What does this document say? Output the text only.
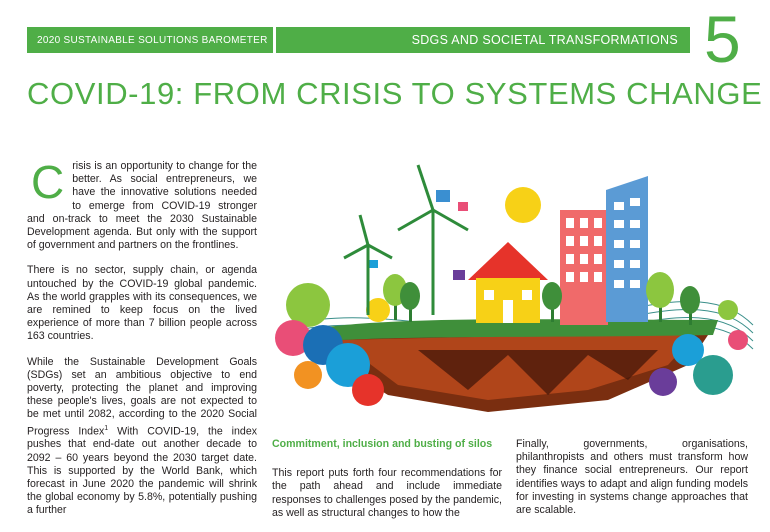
2020 SUSTAINABLE SOLUTIONS BAROMETER	SDGS AND SOCIETAL TRANSFORMATIONS 5
COVID-19: FROM CRISIS TO SYSTEMS CHANGE

Crisis is an opportunity to change for the better. As social entrepreneurs, we have the innovative solutions needed to emerge from COVID-19 stronger and on-track to meet the 2030 Sustainable Development agenda. But only with the support of government and partners on the frontlines.

There is no sector, supply chain, or agenda untouched by the COVID-19 global pandemic. As the world grapples with its consequences, we are remined to keep focus on the lived experience of more than 7 billion people across 163 countries.

While the Sustainable Development Goals (SDGs) set an ambitious objective to end poverty, protecting the planet and improving these people's lives, goals are not expected to be met until 2082, according to the 2020 Social Progress Index$^1$ With COVID-19, the index pushes that end-date out another decade to 2092 – 60 years beyond the 2030 target date. This is supported by the World Bank, which forecast in June 2020 the pandemic will shrink the global economy by 5.8%, potentially pushing a further

Commitment, inclusion and busting of silos

This report puts forth four recommendations for the path ahead and include immediate responses to challenges posed by the pandemic, as well as structural changes to how the

Finally, governments, organisations, philanthropists and others must transform how they finance social entrepreneurs. Our report identifies ways to adapt and align funding models for investing in systems change approaches that are scalable.
